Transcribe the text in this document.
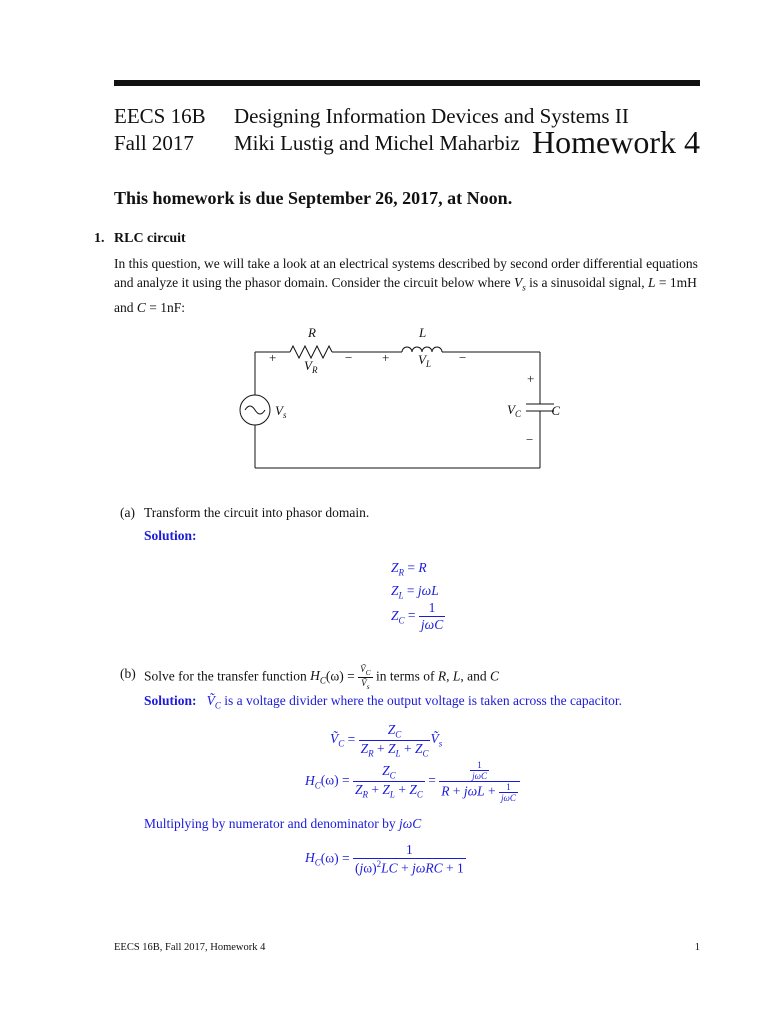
EECS 16B
Fall 2017
Designing Information Devices and Systems II
Miki Lustig and Michel Maharbiz Homework 4
This homework is due September 26, 2017, at Noon.
1. RLC circuit
In this question, we will take a look at an electrical systems described by second order differential equations and analyze it using the phasor domain. Consider the circuit below where $V_s$ is a sinusoidal signal, L = 1mH and C = 1nF:
R	L
C
$V_s$
$V_R$
$V_L$
$V_C$
+	− +	−
+
−
(a) Transform the circuit into phasor domain.
Solution:
$Z_R = R$
$Z_L = j\omega L$
$Z_C = \frac{1}{\text{jωC}}$
(b) Solve for the transfer function $H_C(\omega) = \frac{Ṽ_C}{Ṽ_s}$ in terms of R, L, and C
Solution: Ṽ$_C$ is a voltage divider where the output voltage is taken across the capacitor.
Ṽ$_C$ = $\frac{Z_C}{Z_R + Z_L + Z_C}$ Ṽ$_s$
$H_C(\omega) = \frac{Z_C}{Z_R + Z_L + Z_C} = \frac{\frac{1}{\text{jωC}}}{R + j\omega L + \frac{1}{\text{jωC}}}$
Multiplying by numerator and denominator by jωC
$H_C(\omega) = \frac{1}{(j\omega)^2LC + j\omega RC + 1}$
EECS 16B, Fall 2017, Homework 4	1
